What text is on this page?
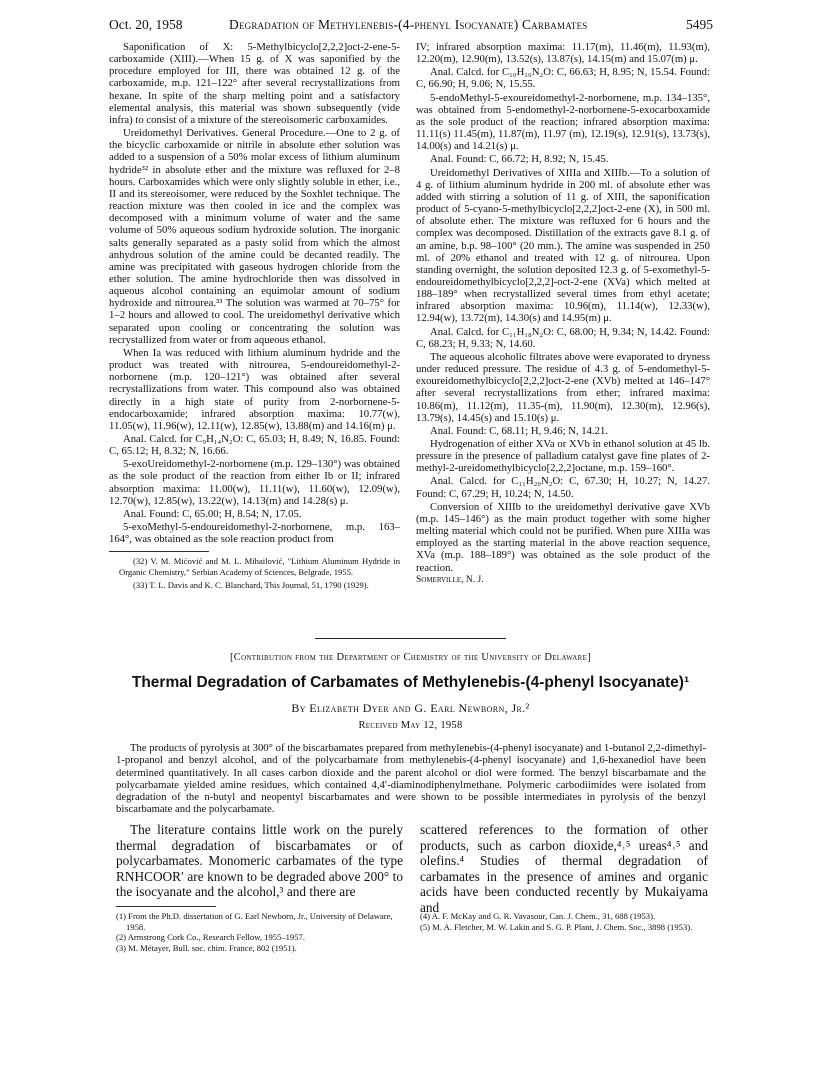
Oct. 20, 1958	Degradation of Methylenebis-(4-phenyl Isocyanate) Carbamates	5495

Saponification of X: 5-Methylbicyclo[2,2,2]oct-2-ene-5-carboxamide (XIII).—When 15 g. of X was saponified by the procedure employed for III, there was obtained 12 g. of the carboxamide, m.p. 121–122° after several recrystallizations from hexane. In spite of the sharp melting point and a satisfactory elemental analysis, this material was shown subsequently (vide infra) to consist of a mixture of the stereoisomeric carboxamides.

Ureidomethyl Derivatives. General Procedure.—One to 2 g. of the bicyclic carboxamide or nitrile in absolute ether solution was added to a suspension of a 50% molar excess of lithium aluminum hydride³² in absolute ether and the mixture was refluxed for 2–8 hours. Carboxamides which were only slightly soluble in ether, i.e., II and its stereoisomer, were reduced by the Soxhlet technique. The reaction mixture was then cooled in ice and the complex was decomposed with a minimum volume of water and the same volume of 50% aqueous sodium hydroxide solution. The inorganic salts generally separated as a pasty solid from which the almost anhydrous solution of the amine could be decanted readily. The amine was precipitated with gaseous hydrogen chloride from the ether solution. The amine hydrochloride then was dissolved in aqueous alcohol containing an equimolar amount of sodium hydroxide and nitrourea.³³ The solution was warmed at 70–75° for 1–2 hours and allowed to cool. The ureidomethyl derivative which separated upon cooling or concentrating the solution was recrystallized from water or from aqueous ethanol.

When Ia was reduced with lithium aluminum hydride and the product was treated with nitrourea, 5-endoureidomethyl-2-norbornene (m.p. 120–121°) was obtained after several recrystallizations from water. This compound also was obtained directly in a high state of purity from 2-norbornene-5-endocarboxamide; infrared absorption maxima: 10.77(w), 11.05(w), 11.96(w), 12.11(w), 12.85(w), 13.88(m) and 14.16(m) μ.

Anal. Calcd. for C₉H₁₄N₂O: C, 65.03; H, 8.49; N, 16.85. Found: C, 65.12; H, 8.32; N, 16.66.

5-exoUreidomethyl-2-norbornene (m.p. 129–130°) was obtained as the sole product of the reaction from either Ib or II; infrared absorption maxima: 11.00(w), 11.11(w), 11.60(w), 12.09(w), 12.70(w), 12.85(w), 13.22(w), 14.13(m) and 14.28(s) μ.

Anal. Found: C, 65.00; H, 8.54; N, 17.05.

5-exoMethyl-5-endoureidomethyl-2-norbornene, m.p. 163–164°, was obtained as the sole reaction product from

(32) V. M. Mićović and M. L. Mihailović, "Lithium Aluminum Hydride in Organic Chemistry," Serbian Academy of Sciences, Belgrade, 1955.

(33) T. L. Davis and K. C. Blanchard, This Journal, 51, 1790 (1929).

IV; infrared absorption maxima: 11.17(m), 11.46(m), 11.93(m), 12.20(m), 12.90(m), 13.52(s), 13.87(s), 14.15(m) and 15.07(m) μ.

Anal. Calcd. for C₁₀H₁₆N₂O: C, 66.63; H, 8.95; N, 15.54. Found: C, 66.90; H, 9.06; N, 15.55.

5-endoMethyl-5-exoureidomethyl-2-norbornene, m.p. 134–135°, was obtained from 5-endomethyl-2-norbornene-5-exocarboxamide as the sole product of the reaction; infrared absorption maxima: 11.11(s) 11.45(m), 11.87(m), 11.97 (m), 12.19(s), 12.91(s), 13.73(s), 14.00(s) and 14.21(s) μ.

Anal. Found: C, 66.72; H, 8.92; N, 15.45.

Ureidomethyl Derivatives of XIIIa and XIIIb.—To a solution of 4 g. of lithium aluminum hydride in 200 ml. of absolute ether was added with stirring a solution of 11 g. of XIII, the saponification product of 5-cyano-5-methylbicyclo[2,2,2]oct-2-ene (X), in 500 ml. of absolute ether. The mixture was refluxed for 6 hours and the complex was decomposed. Distillation of the extracts gave 8.1 g. of an amine, b.p. 98–100° (20 mm.). The amine was suspended in 250 ml. of 20% ethanol and treated with 12 g. of nitrourea. Upon standing overnight, the solution deposited 12.3 g. of 5-exomethyl-5-endoureidomethylbicyclo[2,2,2]-oct-2-ene (XVa) which melted at 188–189° when recrystallized several times from ethyl acetate; infrared absorption maxima: 10.96(m), 11.14(w), 12.33(w), 12.94(w), 13.72(m), 14.30(s) and 14.95(m) μ.

Anal. Calcd. for C₁₁H₁₈N₂O: C, 68.00; H, 9.34; N, 14.42. Found: C, 68.23; H, 9.33; N, 14.60.

The aqueous alcoholic filtrates above were evaporated to dryness under reduced pressure. The residue of 4.3 g. of 5-endomethyl-5-exoureidomethylbicyclo[2,2,2]oct-2-ene (XVb) melted at 146–147° after several recrystallizations from ether; infrared maxima: 10.86(m), 11.12(m), 11.35-(m), 11.90(m), 12.30(m), 12.96(s), 13.79(s), 14.45(s) and 15.10(s) μ.

Anal. Found: C, 68.11; H, 9.46; N, 14.21.

Hydrogenation of either XVa or XVb in ethanol solution at 45 lb. pressure in the presence of palladium catalyst gave fine plates of 2-methyl-2-ureidomethylbicyclo[2,2,2]octane, m.p. 159–160°.

Anal. Calcd. for C₁₁H₂₀N₂O: C, 67.30; H, 10.27; N, 14.27. Found: C, 67.29; H, 10.24; N, 14.50.

Conversion of XIIIb to the ureidomethyl derivative gave XVb (m.p. 145–146°) as the main product together with some higher melting material which could not be purified. When pure XIIIa was employed as the starting material in the above reaction sequence, XVa (m.p. 188–189°) was obtained as the sole product of the reaction.

Somerville, N. J.

[Contribution from the Department of Chemistry of the University of Delaware]
Thermal Degradation of Carbamates of Methylenebis-(4-phenyl Isocyanate)¹
By Elizabeth Dyer and G. Earl Newborn, Jr.²
Received May 12, 1958

The products of pyrolysis at 300° of the biscarbamates prepared from methylenebis-(4-phenyl isocyanate) and 1-butanol 2,2-dimethyl-1-propanol and benzyl alcohol, and of the polycarbamate from methylenebis-(4-phenyl isocyanate) and 1,6-hexanediol have been determined quantitatively. In all cases carbon dioxide and the parent alcohol or diol were formed. The benzyl biscarbamate and the polycarbamate yielded amine residues, which contained 4,4′-diaminodiphenylmethane. Polymeric carbodiimides were isolated from degradation of the n-butyl and neopentyl biscarbamates and were shown to be possible intermediates in pyrolysis of the benzyl biscarbamate and the polycarbamate.

The literature contains little work on the purely thermal degradation of biscarbamates or of polycarbamates. Monomeric carbamates of the type RNHCOOR′ are known to be degraded above 200° to the isocyanate and the alcohol,³ and there are

scattered references to the formation of other products, such as carbon dioxide,⁴˒⁵ ureas⁴˒⁵ and olefins.⁴ Studies of thermal degradation of carbamates in the presence of amines and organic acids have been conducted recently by Mukaiyama and

(1) From the Ph.D. dissertation of G. Earl Newborn, Jr., University of Delaware, 1958.

(2) Armstrong Cork Co., Research Fellow, 1955–1957.

(3) M. Métayer, Bull. soc. chim. France, 802 (1951).

(4) A. F. McKay and G. R. Vavasour, Can. J. Chem., 31, 688 (1953).

(5) M. A. Fletcher, M. W. Lakin and S. G. P. Plant, J. Chem. Soc., 3898 (1953).
